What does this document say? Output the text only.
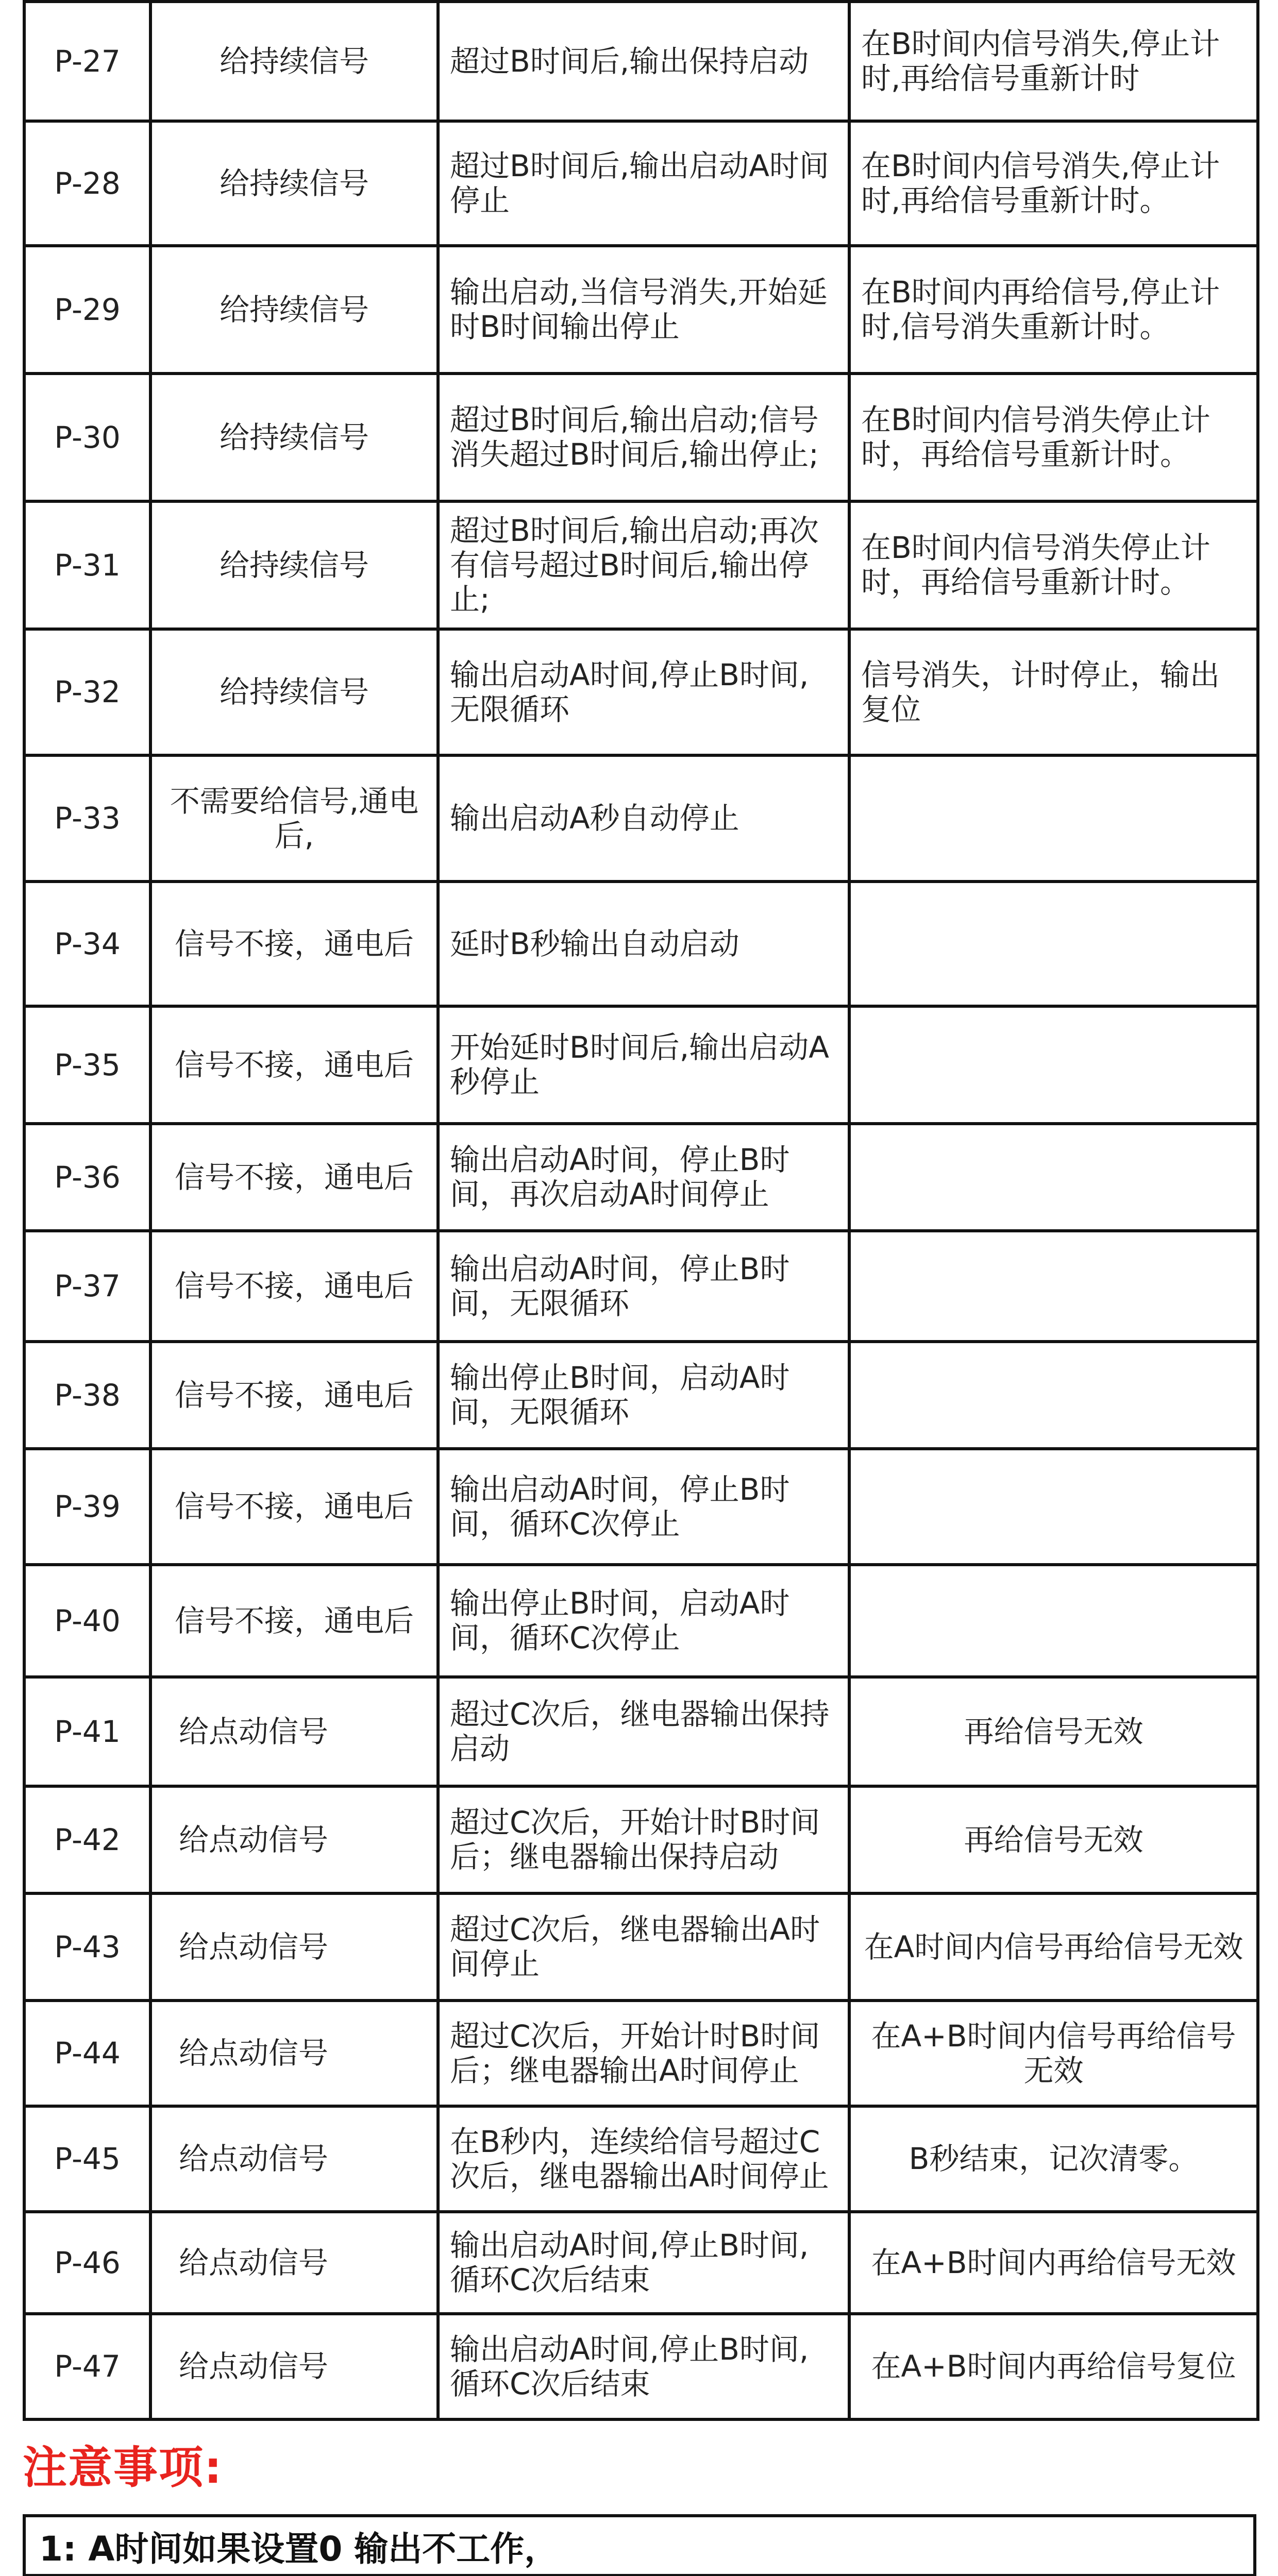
P-27	给持续信号	超过B时间后,输出保持启动	在B时间内信号消失,停止计时,再给信号重新计时
P-28	给持续信号	超过B时间后,输出启动A时间停止	在B时间内信号消失,停止计时,再给信号重新计时。
P-29	给持续信号	输出启动,当信号消失,开始延时B时间输出停止	在B时间内再给信号,停止计时,信号消失重新计时。
P-30	给持续信号	超过B时间后,输出启动;信号消失超过B时间后,输出停止;	在B时间内信号消失停止计时，再给信号重新计时。
P-31	给持续信号	超过B时间后,输出启动;再次有信号超过B时间后,输出停止;	在B时间内信号消失停止计时，再给信号重新计时。
P-32	给持续信号	输出启动A时间,停止B时间,无限循环	信号消失，计时停止，输出复位
P-33	不需要给信号,通电后,	输出启动A秒自动停止	
P-34	信号不接，通电后	延时B秒输出自动启动	
P-35	信号不接，通电后	开始延时B时间后,输出启动A秒停止	
P-36	信号不接，通电后	输出启动A时间，停止B时间，再次启动A时间停止	
P-37	信号不接，通电后	输出启动A时间，停止B时间，无限循环	
P-38	信号不接，通电后	输出停止B时间，启动A时间，无限循环	
P-39	信号不接，通电后	输出启动A时间，停止B时间，循环C次停止	
P-40	信号不接，通电后	输出停止B时间，启动A时间，循环C次停止	
P-41	给点动信号	超过C次后，继电器输出保持启动	再给信号无效
P-42	给点动信号	超过C次后，开始计时B时间后；继电器输出保持启动	再给信号无效
P-43	给点动信号	超过C次后，继电器输出A时间停止	在A时间内信号再给信号无效
P-44	给点动信号	超过C次后，开始计时B时间后；继电器输出A时间停止	在A+B时间内信号再给信号无效
P-45	给点动信号	在B秒内，连续给信号超过C次后，继电器输出A时间停止	B秒结束，记次清零。
P-46	给点动信号	输出启动A时间,停止B时间,循环C次后结束	在A+B时间内再给信号无效
P-47	给点动信号	输出启动A时间,停止B时间,循环C次后结束	在A+B时间内再给信号复位
注意事项:
1: A时间如果设置0 输出不工作，
